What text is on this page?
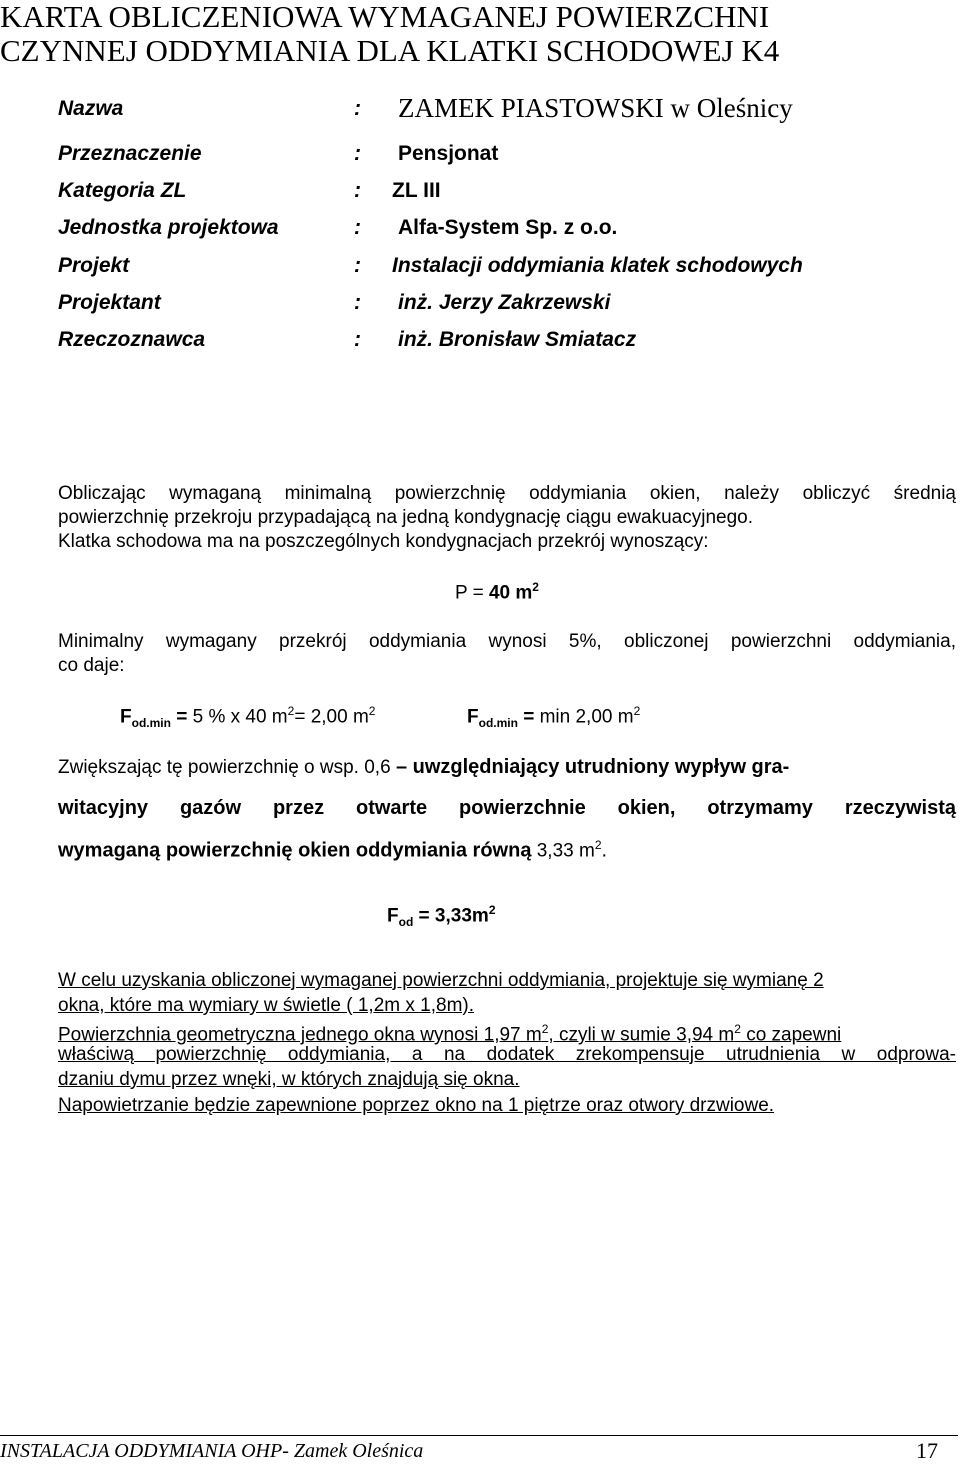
KARTA OBLICZENIOWA WYMAGANEJ POWIERZCHNI
CZYNNEJ ODDYMIANIA DLA KLATKI SCHODOWEJ K4
Nazwa	: ZAMEK PIASTOWSKI w Oleśnicy
Przeznaczenie	: Pensjonat
Kategoria ZL	: ZL III
Jednostka projektowa	: Alfa-System Sp. z o.o.
Projekt	: Instalacji oddymiania klatek schodowych
Projektant	: inż. Jerzy Zakrzewski
Rzeczoznawca	: inż. Bronisław Smiatacz
Obliczając wymaganą minimalną powierzchnię oddymiania okien, należy obliczyć średnią
powierzchnię przekroju przypadającą na jedną kondygnację ciągu ewakuacyjnego.
Klatka schodowa ma na poszczególnych kondygnacjach przekrój wynoszący:
P = 40 $m^2$
Minimalny wymagany przekrój oddymiania wynosi 5%, obliczonej powierzchni oddymiania,
co daje:
$F_{od.min} = 5$ % x 40 $m^2= 2,00$ $m^2$	$F_{od.min} = \min 2,00$ $m^2$
Zwiększając tę powierzchnię o wsp. 0,6 – uwzględniający utrudniony wypływ gra-
witacyjny gazów przez otwarte powierzchnie okien, otrzymamy rzeczywistą
wymaganą powierzchnię okien oddymiania równą 3,33 $m^2$.
$F_{od} = 3,33m^2$
W celu uzyskania obliczonej wymaganej powierzchni oddymiania, projektuje się wymianę 2
okna, które ma wymiary w świetle ( 1,2m x 1,8m).
Powierzchnia geometryczna jednego okna wynosi 1,97 $m^2$, czyli w sumie 3,94 $m^2$ co zapewni
właściwą powierzchnię oddymiania, a na dodatek zrekompensuje utrudnienia w odprowa-
dzaniu dymu przez wnęki, w których znajdują się okna.
Napowietrzanie będzie zapewnione poprzez okno na 1 piętrze oraz otwory drzwiowe.
INSTALACJA ODDYMIANIA OHP- Zamek Oleśnica	17
